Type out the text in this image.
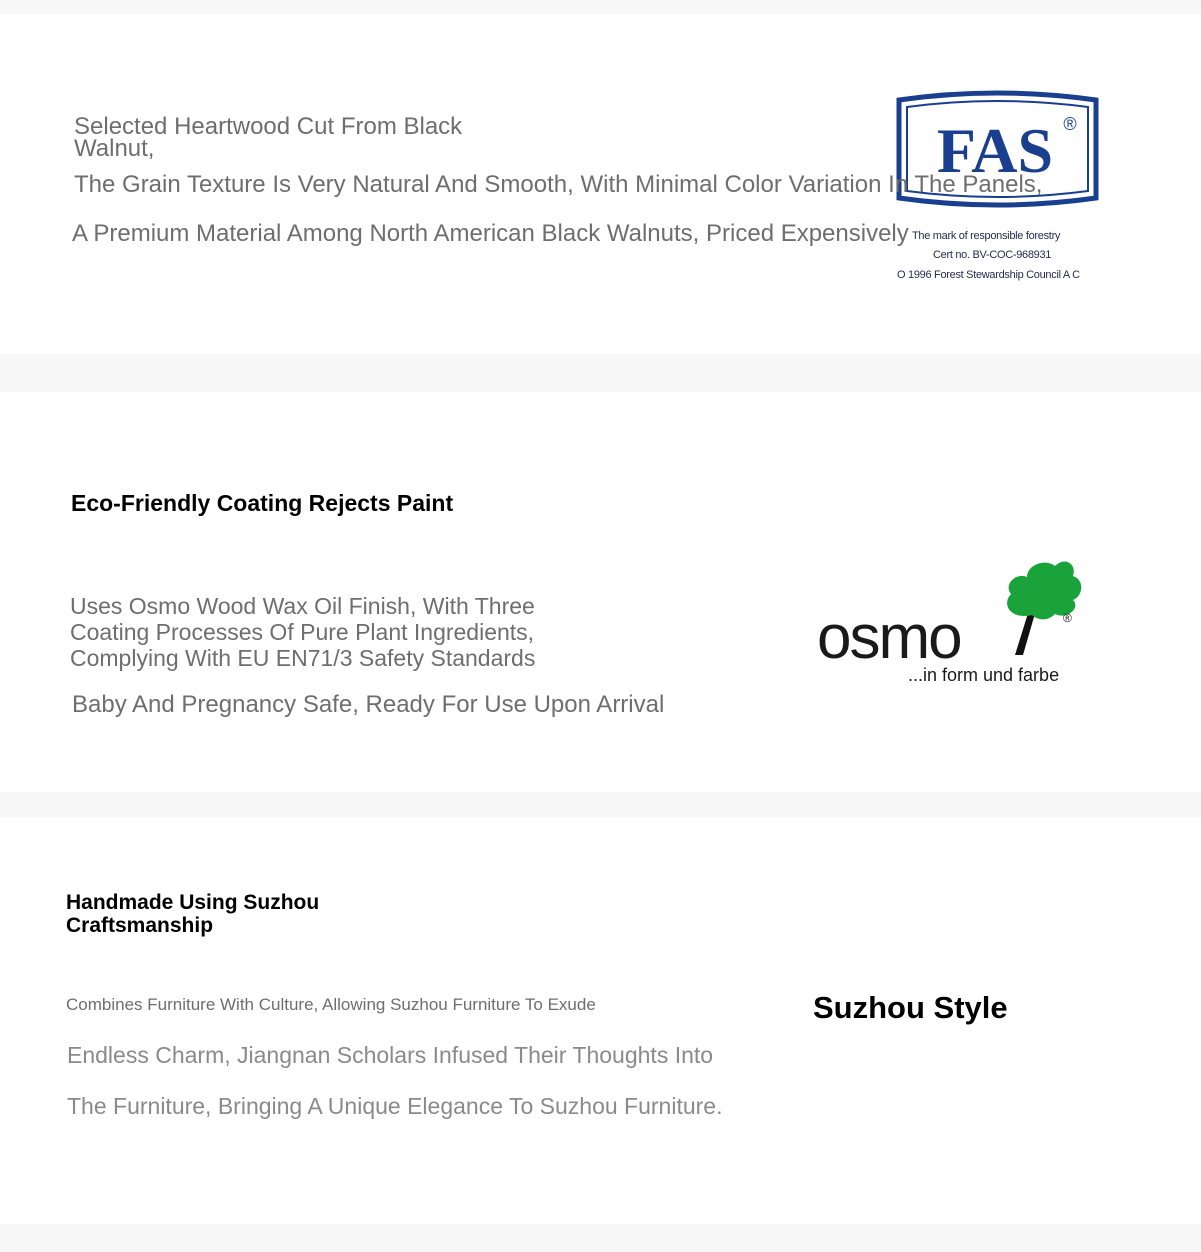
Selected Heartwood Cut From Black

Walnut,	FAS ®

The Grain Texture Is Very Natural And Smooth, With Minimal Color Variation In The Panels,

A Premium Material Among North American Black Walnuts, Priced Expensively The mark of responsible forestry
Cert no. BV-COC-968931
O 1996 Forest Stewardship Council A C

Eco-Friendly Coating Rejects Paint

Uses Osmo Wood Wax Oil Finish, With Three

Coating Processes Of Pure Plant Ingredients,

Complying With EU EN71/3 Safety Standards

Baby And Pregnancy Safe, Ready For Use Upon Arrival

osmo	®
...in form und farbe

Handmade Using Suzhou

Craftsmanship

Combines Furniture With Culture, Allowing Suzhou Furniture To Exude

Endless Charm, Jiangnan Scholars Infused Their Thoughts Into

The Furniture, Bringing A Unique Elegance To Suzhou Furniture.

Suzhou Style
